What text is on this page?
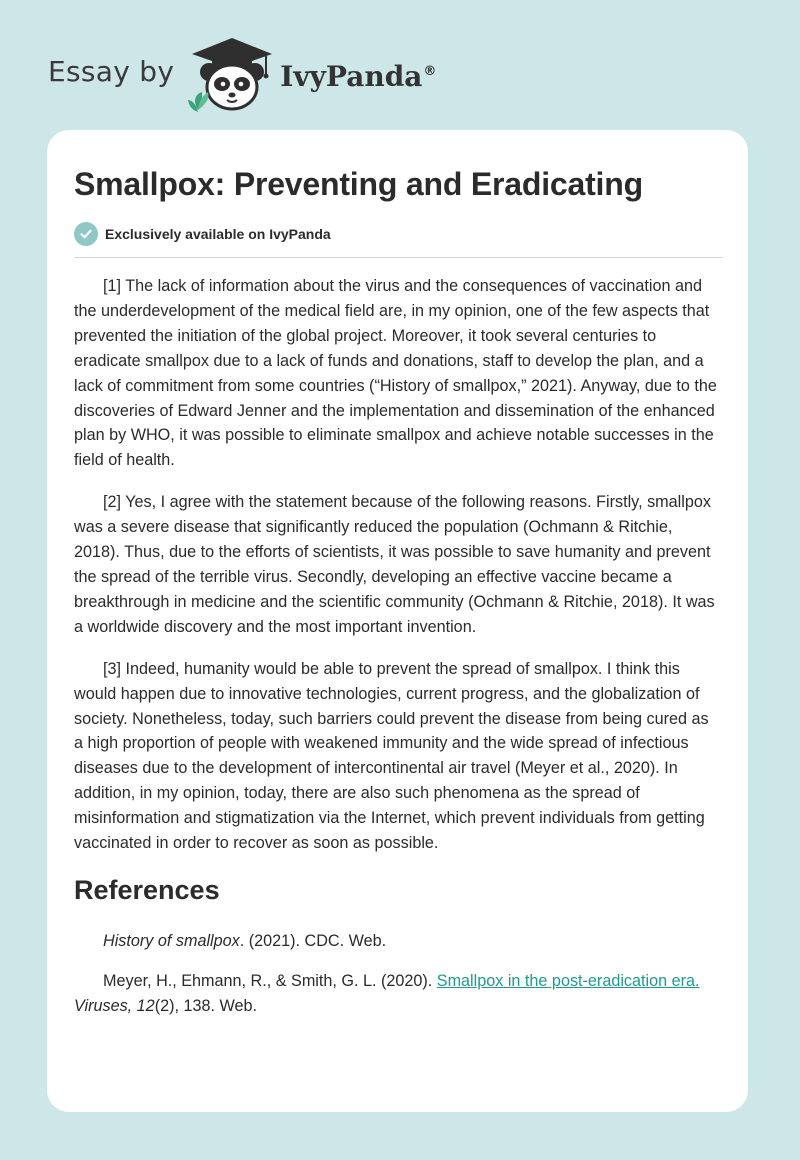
Essay by	IvyPanda®
Smallpox: Preventing and Eradicating
Exclusively available on IvyPanda

[1] The lack of information about the virus and the consequences of vaccination and the underdevelopment of the medical field are, in my opinion, one of the few aspects that prevented the initiation of the global project. Moreover, it took several centuries to eradicate smallpox due to a lack of funds and donations, staff to develop the plan, and a lack of commitment from some countries (“History of smallpox,” 2021). Anyway, due to the discoveries of Edward Jenner and the implementation and dissemination of the enhanced plan by WHO, it was possible to eliminate smallpox and achieve notable successes in the field of health.

[2] Yes, I agree with the statement because of the following reasons. Firstly, smallpox was a severe disease that significantly reduced the population (Ochmann & Ritchie, 2018). Thus, due to the efforts of scientists, it was possible to save humanity and prevent the spread of the terrible virus. Secondly, developing an effective vaccine became a breakthrough in medicine and the scientific community (Ochmann & Ritchie, 2018). It was a worldwide discovery and the most important invention.

[3] Indeed, humanity would be able to prevent the spread of smallpox. I think this would happen due to innovative technologies, current progress, and the globalization of society. Nonetheless, today, such barriers could prevent the disease from being cured as a high proportion of people with weakened immunity and the wide spread of infectious diseases due to the development of intercontinental air travel (Meyer et al., 2020). In addition, in my opinion, today, there are also such phenomena as the spread of misinformation and stigmatization via the Internet, which prevent individuals from getting vaccinated in order to recover as soon as possible.

References

History of smallpox. (2021). CDC. Web.

Meyer, H., Ehmann, R., & Smith, G. L. (2020). Smallpox in the post-eradication era. Viruses, 12(2), 138. Web.
